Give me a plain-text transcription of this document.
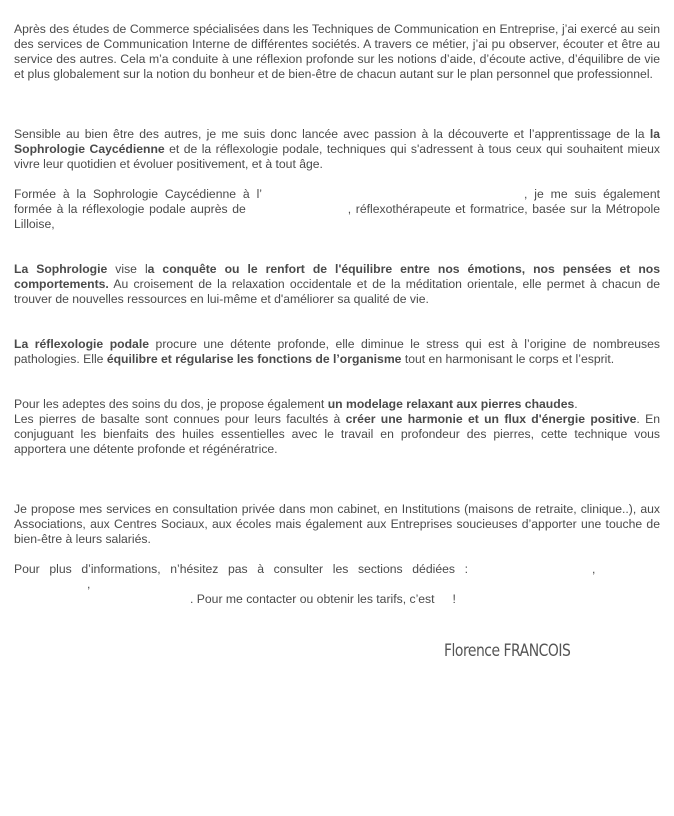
Après des études de Commerce spécialisées dans les Techniques de Communication en Entreprise, j’ai exercé au sein des services de Communication Interne de différentes sociétés. A travers ce métier, j’ai pu observer, écouter et être au service des autres. Cela m’a conduite à une réflexion profonde sur les notions d’aide, d’écoute active, d’équilibre de vie et plus globalement sur la notion du bonheur et de bien-être de chacun autant sur le plan personnel que professionnel.

Sensible au bien être des autres, je me suis donc lancée avec passion à la découverte et l’apprentissage de la la Sophrologie Caycédienne et de la réflexologie podale, techniques qui s'adressent à tous ceux qui souhaitent mieux vivre leur quotidien et évoluer positivement, et à tout âge.

Formée à la Sophrologie Caycédienne à l’	, je me suis également formée à la réflexologie podale auprès de	, réflexothérapeute et formatrice, basée sur la Métropole Lilloise,

La Sophrologie vise la conquête ou le renfort de l'équilibre entre nos émotions, nos pensées et nos comportements. Au croisement de la relaxation occidentale et de la méditation orientale, elle permet à chacun de trouver de nouvelles ressources en lui-même et d'améliorer sa qualité de vie.

La réflexologie podale procure une détente profonde, elle diminue le stress qui est à l’origine de nombreuses pathologies. Elle équilibre et régularise les fonctions de l’organisme tout en harmonisant le corps et l’esprit.

Pour les adeptes des soins du dos, je propose également un modelage relaxant aux pierres chaudes.
Les pierres de basalte sont connues pour leurs facultés à créer une harmonie et un flux d'énergie positive. En conjuguant les bienfaits des huiles essentielles avec le travail en profondeur des pierres, cette technique vous apportera une détente profonde et régénératrice.

Je propose mes services en consultation privée dans mon cabinet, en Institutions (maisons de retraite, clinique..), aux Associations, aux Centres Sociaux, aux écoles mais également aux Entreprises soucieuses d’apporter une touche de bien-être à leurs salariés.

Pour plus d’informations, n’hésitez pas à consulter les sections dédiées :	,,
. Pour me contacter ou obtenir les tarifs, c’est !

Florence FRANCOIS
